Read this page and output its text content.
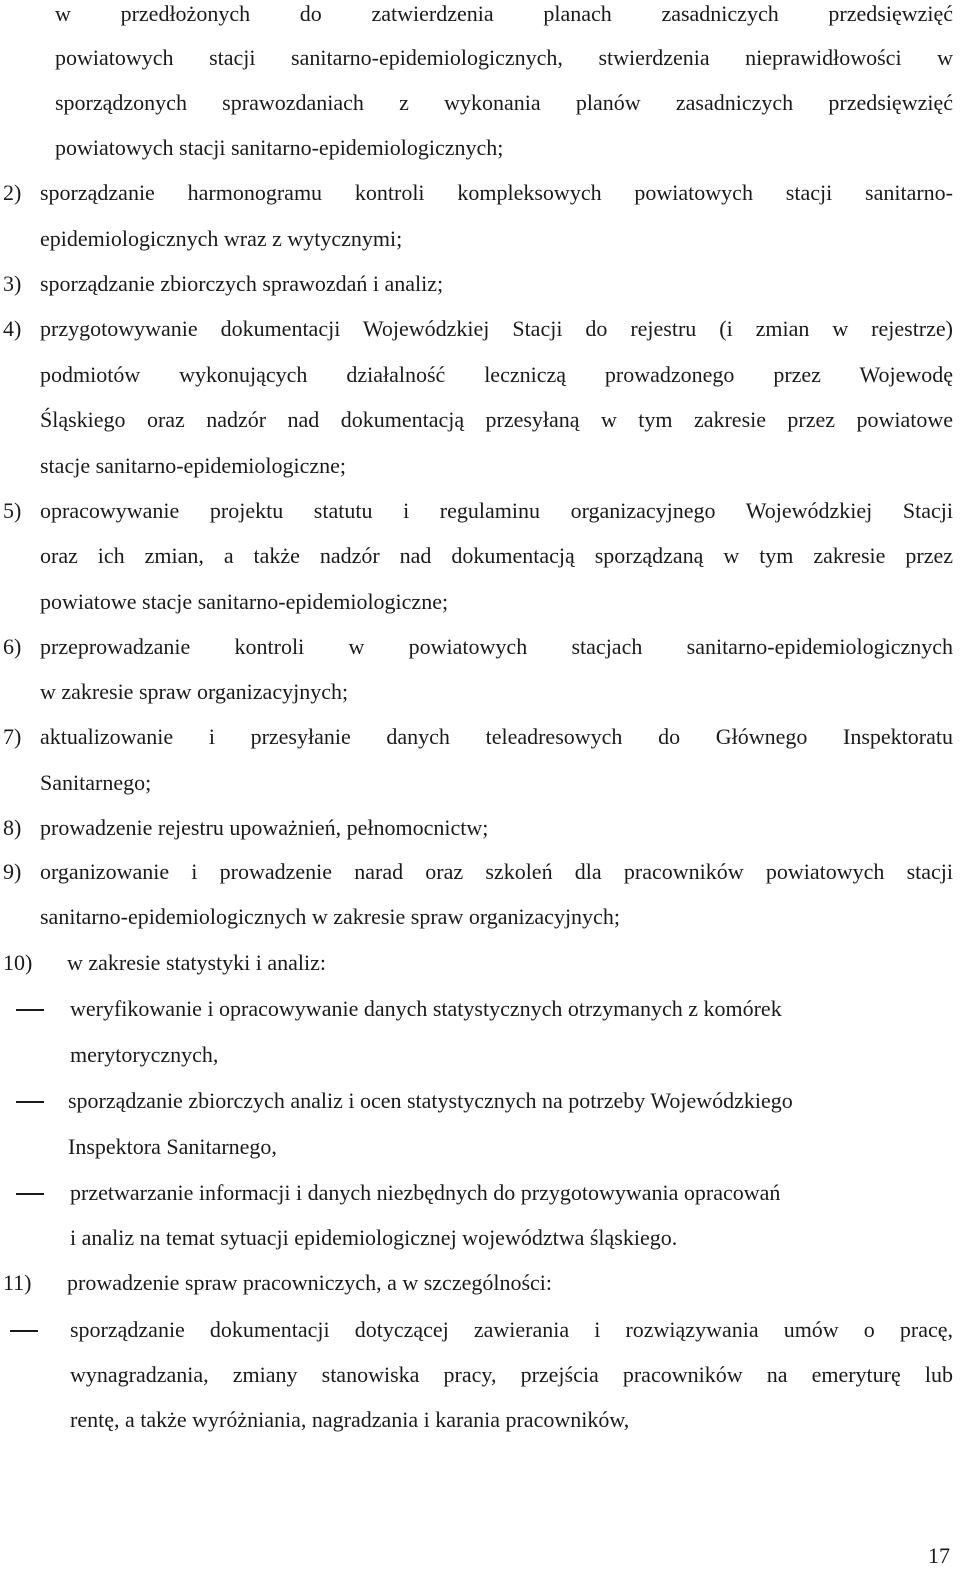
w przedłożonych do zatwierdzenia planach zasadniczych przedsięwzięć
powiatowych stacji sanitarno-epidemiologicznych, stwierdzenia nieprawidłowości w
sporządzonych sprawozdaniach z wykonania planów zasadniczych przedsięwzięć
powiatowych stacji sanitarno-epidemiologicznych;
2) sporządzanie harmonogramu kontroli kompleksowych powiatowych stacji sanitarno-
epidemiologicznych wraz z wytycznymi;
3) sporządzanie zbiorczych sprawozdań i analiz;
4) przygotowywanie dokumentacji Wojewódzkiej Stacji do rejestru (i zmian w rejestrze)
podmiotów wykonujących działalność leczniczą prowadzonego przez Wojewodę
Śląskiego oraz nadzór nad dokumentacją przesyłaną w tym zakresie przez powiatowe
stacje sanitarno-epidemiologiczne;
5) opracowywanie projektu statutu i regulaminu organizacyjnego Wojewódzkiej Stacji
oraz ich zmian, a także nadzór nad dokumentacją sporządzaną w tym zakresie przez
powiatowe stacje sanitarno-epidemiologiczne;
6) przeprowadzanie kontroli w powiatowych stacjach sanitarno-epidemiologicznych
w zakresie spraw organizacyjnych;
7) aktualizowanie i przesyłanie danych teleadresowych do Głównego Inspektoratu
Sanitarnego;
8) prowadzenie rejestru upoważnień, pełnomocnictw;
9) organizowanie i prowadzenie narad oraz szkoleń dla pracowników powiatowych stacji
sanitarno-epidemiologicznych w zakresie spraw organizacyjnych;
10) w zakresie statystyki i analiz:
weryfikowanie i opracowywanie danych statystycznych otrzymanych z komórek
merytorycznych,
sporządzanie zbiorczych analiz i ocen statystycznych na potrzeby Wojewódzkiego
Inspektora Sanitarnego,
przetwarzanie informacji i danych niezbędnych do przygotowywania opracowań
i analiz na temat sytuacji epidemiologicznej województwa śląskiego.
11) prowadzenie spraw pracowniczych, a w szczególności:
sporządzanie dokumentacji dotyczącej zawierania i rozwiązywania umów o pracę,
wynagradzania, zmiany stanowiska pracy, przejścia pracowników na emeryturę lub
rentę, a także wyróżniania, nagradzania i karania pracowników,
17
